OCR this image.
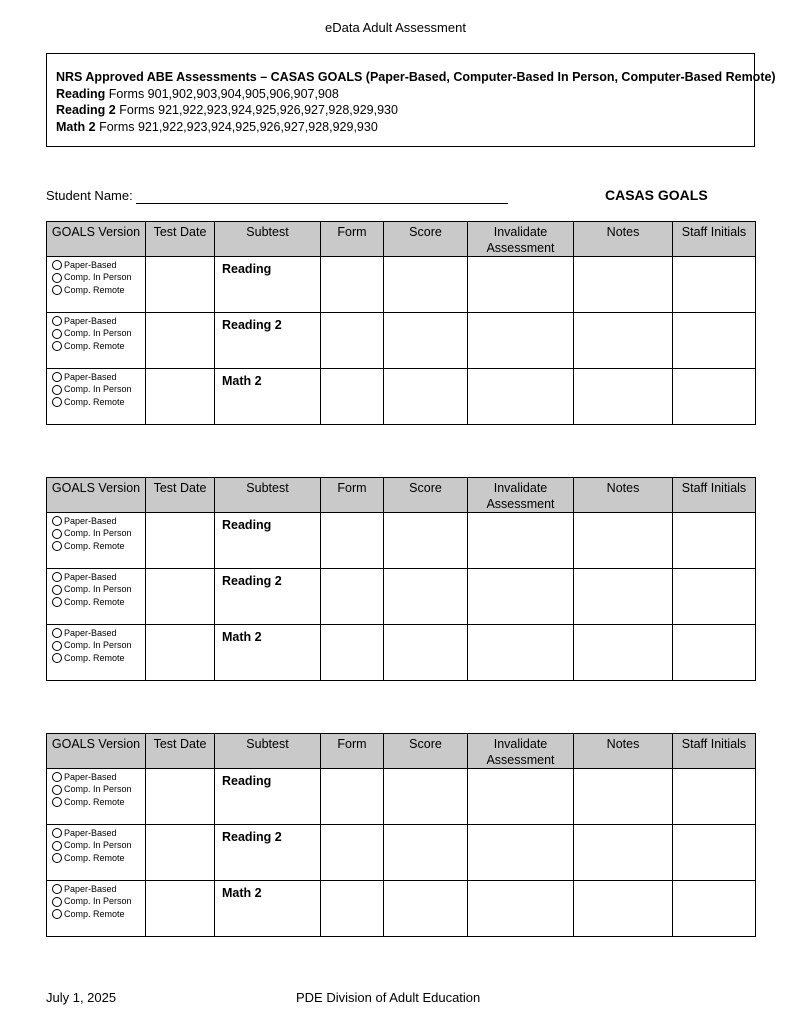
eData Adult Assessment
NRS Approved ABE Assessments – CASAS GOALS (Paper-Based, Computer-Based In Person, Computer-Based Remote)
Reading Forms 901,902,903,904,905,906,907,908
Reading 2 Forms 921,922,923,924,925,926,927,928,929,930
Math 2 Forms 921,922,923,924,925,926,927,928,929,930
Student Name:	CASAS GOALS
GOALS Version	Test Date	Subtest	Form	Score	Invalidate Assessment	Notes	Staff Initials

Paper-Based
Comp. In Person
Comp. Remote		Reading					

Paper-Based
Comp. In Person
Comp. Remote		Reading 2					

Paper-Based
Comp. In Person
Comp. Remote		Math 2					
GOALS Version	Test Date	Subtest	Form	Score	Invalidate Assessment	Notes	Staff Initials

Paper-Based
Comp. In Person
Comp. Remote		Reading					

Paper-Based
Comp. In Person
Comp. Remote		Reading 2					

Paper-Based
Comp. In Person
Comp. Remote		Math 2					
GOALS Version	Test Date	Subtest	Form	Score	Invalidate Assessment	Notes	Staff Initials

Paper-Based
Comp. In Person
Comp. Remote		Reading					

Paper-Based
Comp. In Person
Comp. Remote		Reading 2					

Paper-Based
Comp. In Person
Comp. Remote		Math 2					
July 1, 2025	PDE Division of Adult Education
